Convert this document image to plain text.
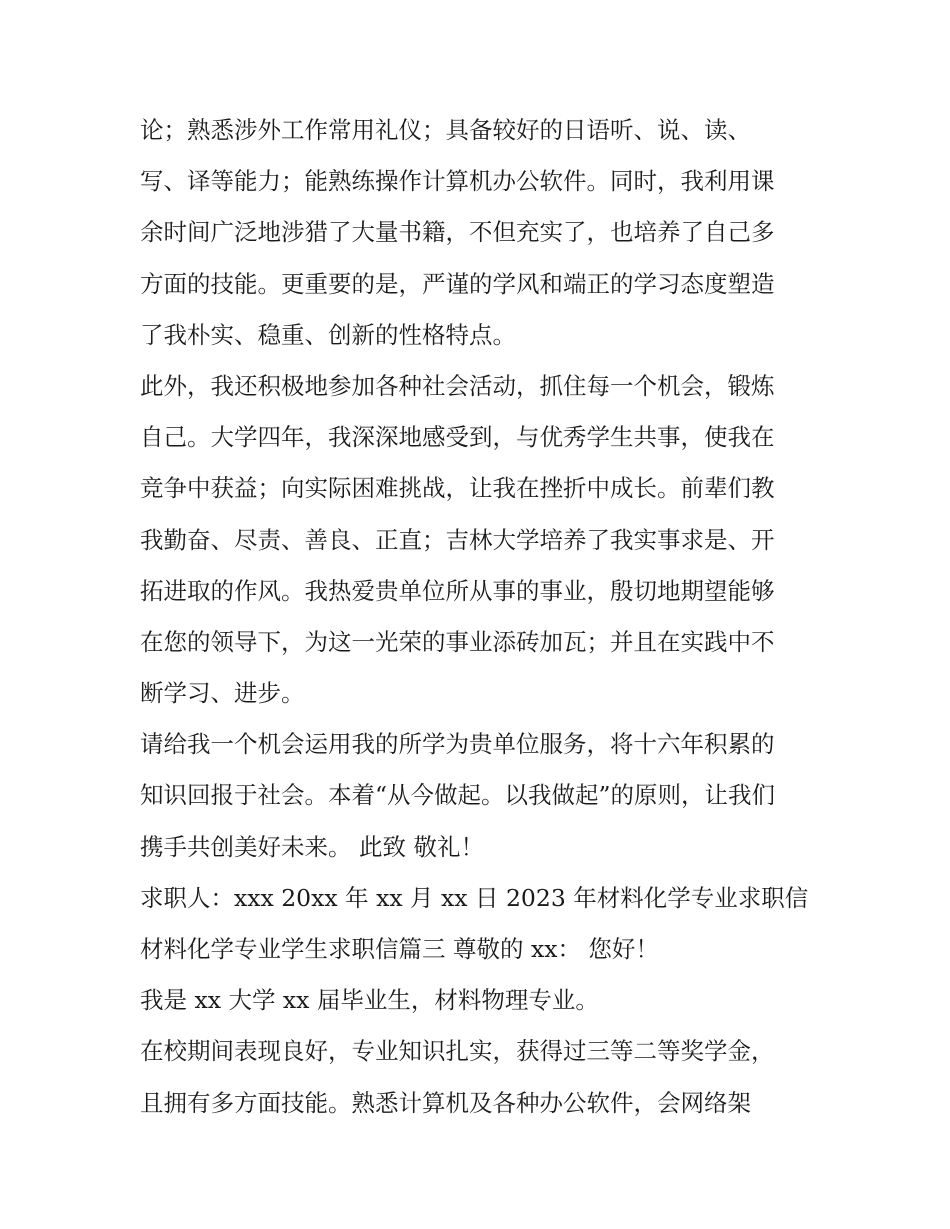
论；熟悉涉外工作常用礼仪；具备较好的日语听、说、读、
写、译等能力；能熟练操作计算机办公软件。同时，我利用课
余时间广泛地涉猎了大量书籍，不但充实了，也培养了自己多
方面的技能。更重要的是，严谨的学风和端正的学习态度塑造
了我朴实、稳重、创新的性格特点。
此外，我还积极地参加各种社会活动，抓住每一个机会，锻炼
自己。大学四年，我深深地感受到，与优秀学生共事，使我在
竞争中获益；向实际困难挑战，让我在挫折中成长。前辈们教
我勤奋、尽责、善良、正直；吉林大学培养了我实事求是、开
拓进取的作风。我热爱贵单位所从事的事业，殷切地期望能够
在您的领导下，为这一光荣的事业添砖加瓦；并且在实践中不
断学习、进步。
请给我一个机会运用我的所学为贵单位服务，将十六年积累的
知识回报于社会。本着“从今做起。以我做起”的原则，让我们
携手共创美好未来。 此致 敬礼！
求职人：xxx 20xx 年 xx 月 xx 日 2023 年材料化学专业求职信
材料化学专业学生求职信篇三 尊敬的 xx： 您好！
我是 xx 大学 xx 届毕业生，材料物理专业。
在校期间表现良好，专业知识扎实，获得过三等二等奖学金，
且拥有多方面技能。熟悉计算机及各种办公软件，会网络架
